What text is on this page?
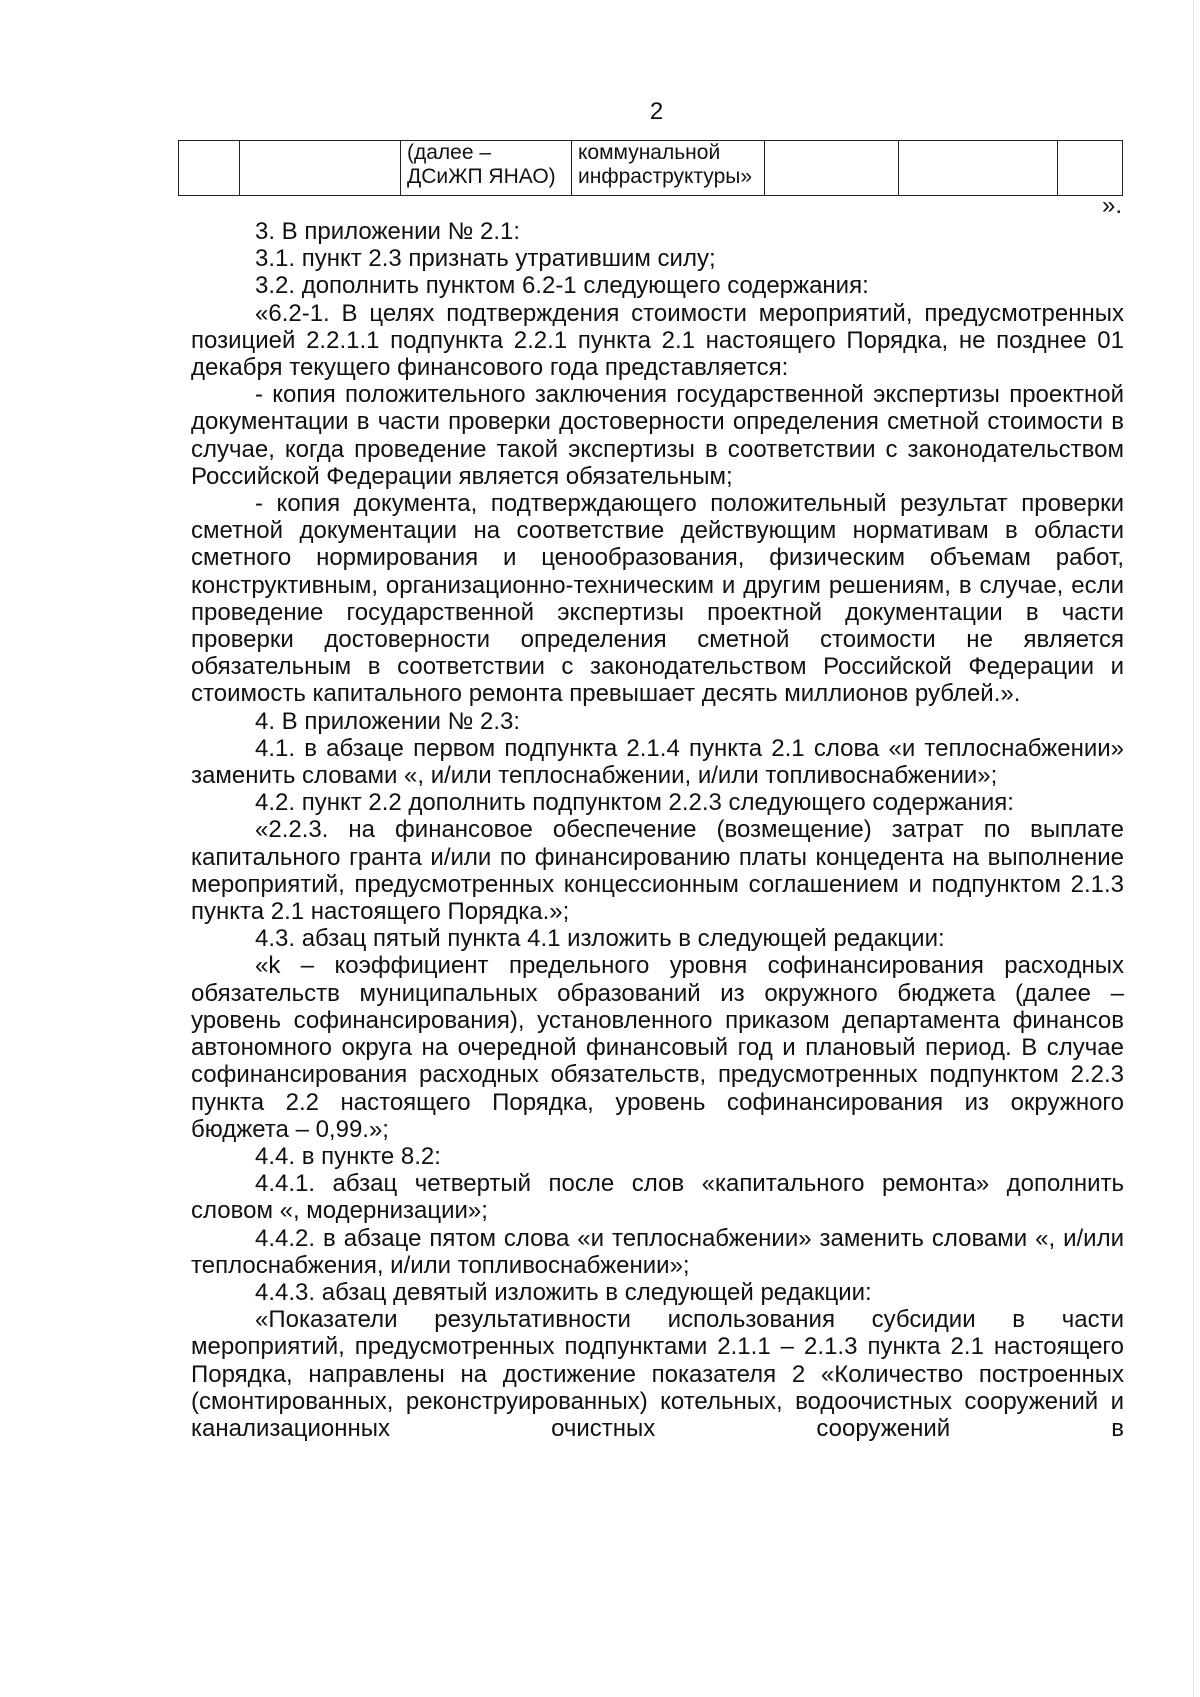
2
		(далее – ДСиЖП ЯНАО)	коммунальной инфраструктуры»			
».

3. В приложении № 2.1:

3.1. пункт 2.3 признать утратившим силу;

3.2. дополнить пунктом 6.2-1 следующего содержания:

«6.2-1. В целях подтверждения стоимости мероприятий, предусмотренных позицией 2.2.1.1 подпункта 2.2.1 пункта 2.1 настоящего Порядка, не позднее 01 декабря текущего финансового года представляется:

- копия положительного заключения государственной экспертизы проектной документации в части проверки достоверности определения сметной стоимости в случае, когда проведение такой экспертизы в соответствии с законодательством Российской Федерации является обязательным;

- копия документа, подтверждающего положительный результат проверки сметной документации на соответствие действующим нормативам в области сметного нормирования и ценообразования, физическим объемам работ, конструктивным, организационно-техническим и другим решениям, в случае, если проведение государственной экспертизы проектной документации в части проверки достоверности определения сметной стоимости не является обязательным в соответствии с законодательством Российской Федерации и стоимость капитального ремонта превышает десять миллионов рублей.».

4. В приложении № 2.3:

4.1. в абзаце первом подпункта 2.1.4 пункта 2.1 слова «и теплоснабжении» заменить словами «, и/или теплоснабжении, и/или топливоснабжении»;

4.2. пункт 2.2 дополнить подпунктом 2.2.3 следующего содержания:

«2.2.3. на финансовое обеспечение (возмещение) затрат по выплате капитального гранта и/или по финансированию платы концедента на выполнение мероприятий, предусмотренных концессионным соглашением и подпунктом 2.1.3 пункта 2.1 настоящего Порядка.»;

4.3. абзац пятый пункта 4.1 изложить в следующей редакции:

«k – коэффициент предельного уровня софинансирования расходных обязательств муниципальных образований из окружного бюджета (далее – уровень софинансирования), установленного приказом департамента финансов автономного округа на очередной финансовый год и плановый период. В случае софинансирования расходных обязательств, предусмотренных подпунктом 2.2.3 пункта 2.2 настоящего Порядка, уровень софинансирования из окружного бюджета – 0,99.»;

4.4. в пункте 8.2:

4.4.1. абзац четвертый после слов «капитального ремонта» дополнить словом «, модернизации»;

4.4.2. в абзаце пятом слова «и теплоснабжении» заменить словами «, и/или теплоснабжения, и/или топливоснабжении»;

4.4.3. абзац девятый изложить в следующей редакции:

«Показатели результативности использования субсидии в части мероприятий, предусмотренных подпунктами 2.1.1 – 2.1.3 пункта 2.1 настоящего Порядка, направлены на достижение показателя 2 «Количество построенных (смонтированных, реконструированных) котельных, водоочистных сооружений и канализационных очистных сооружений в
